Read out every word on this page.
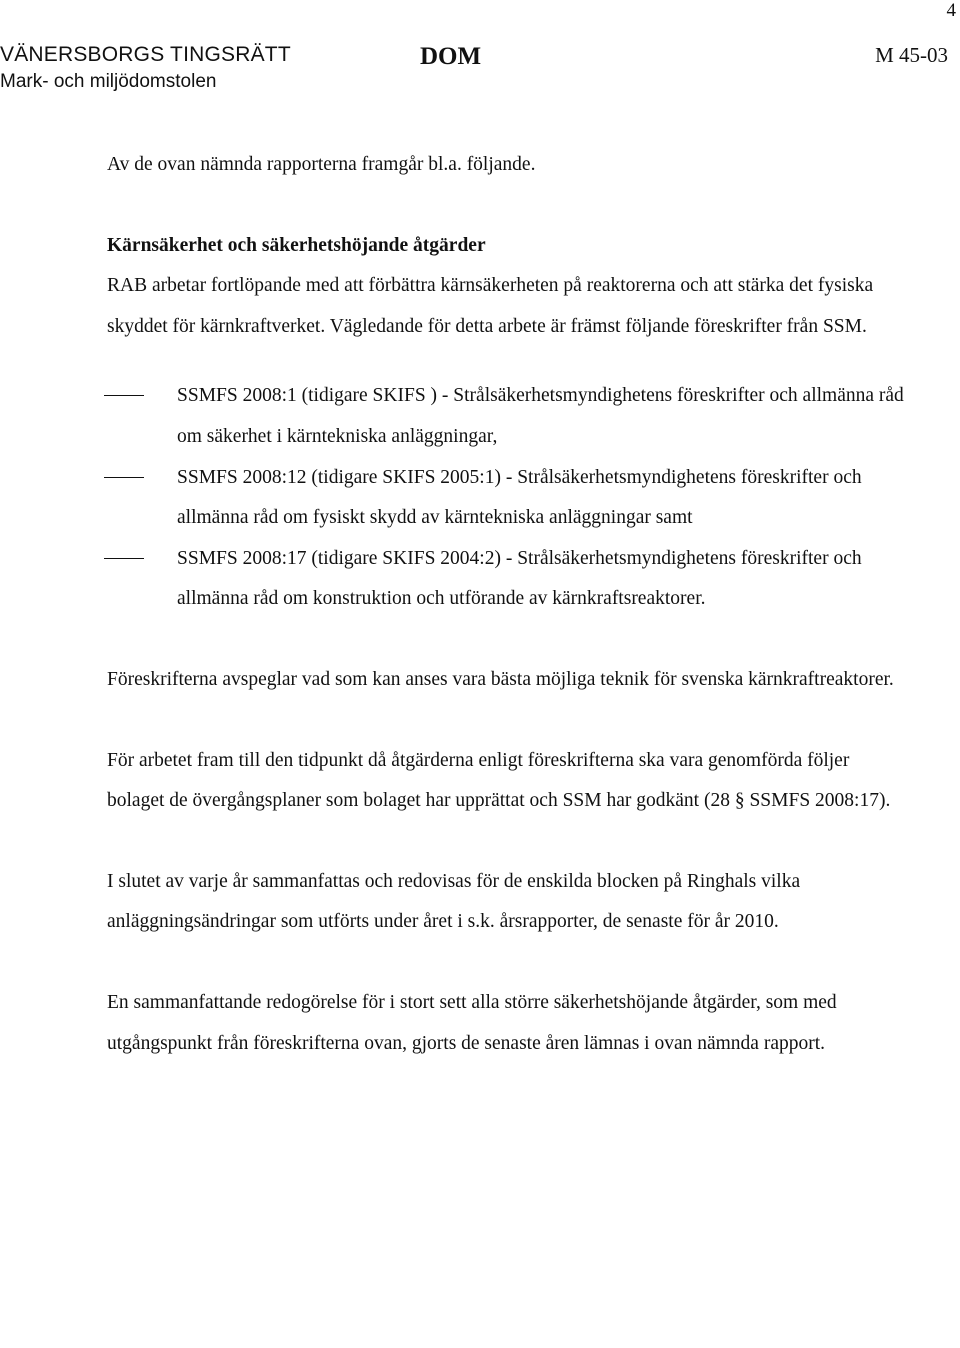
4
VÄNERSBORGS TINGSRÄTT
Mark- och miljödomstolen
DOM	M 45-03

Av de ovan nämnda rapporterna framgår bl.a. följande.

Kärnsäkerhet och säkerhetshöjande åtgärder

RAB arbetar fortlöpande med att förbättra kärnsäkerheten på reaktorerna och att stärka det fysiska skyddet för kärnkraftverket. Vägledande för detta arbete är främst följande föreskrifter från SSM.

SSMFS 2008:1 (tidigare SKIFS ) - Strålsäkerhetsmyndighetens föreskrifter och allmänna råd om säkerhet i kärntekniska anläggningar,
SSMFS 2008:12 (tidigare SKIFS 2005:1) - Strålsäkerhetsmyndighetens föreskrifter och allmänna råd om fysiskt skydd av kärntekniska anläggningar samt
SSMFS 2008:17 (tidigare SKIFS 2004:2) - Strålsäkerhetsmyndighetens föreskrifter och allmänna råd om konstruktion och utförande av kärnkraftsreaktorer.

Föreskrifterna avspeglar vad som kan anses vara bästa möjliga teknik för svenska kärnkraftreaktorer.

För arbetet fram till den tidpunkt då åtgärderna enligt föreskrifterna ska vara genomförda följer bolaget de övergångsplaner som bolaget har upprättat och SSM har godkänt (28 § SSMFS 2008:17).

I slutet av varje år sammanfattas och redovisas för de enskilda blocken på Ringhals vilka anläggningsändringar som utförts under året i s.k. årsrapporter, de senaste för år 2010.

En sammanfattande redogörelse för i stort sett alla större säkerhetshöjande åtgärder, som med utgångspunkt från föreskrifterna ovan, gjorts de senaste åren lämnas i ovan nämnda rapport.
